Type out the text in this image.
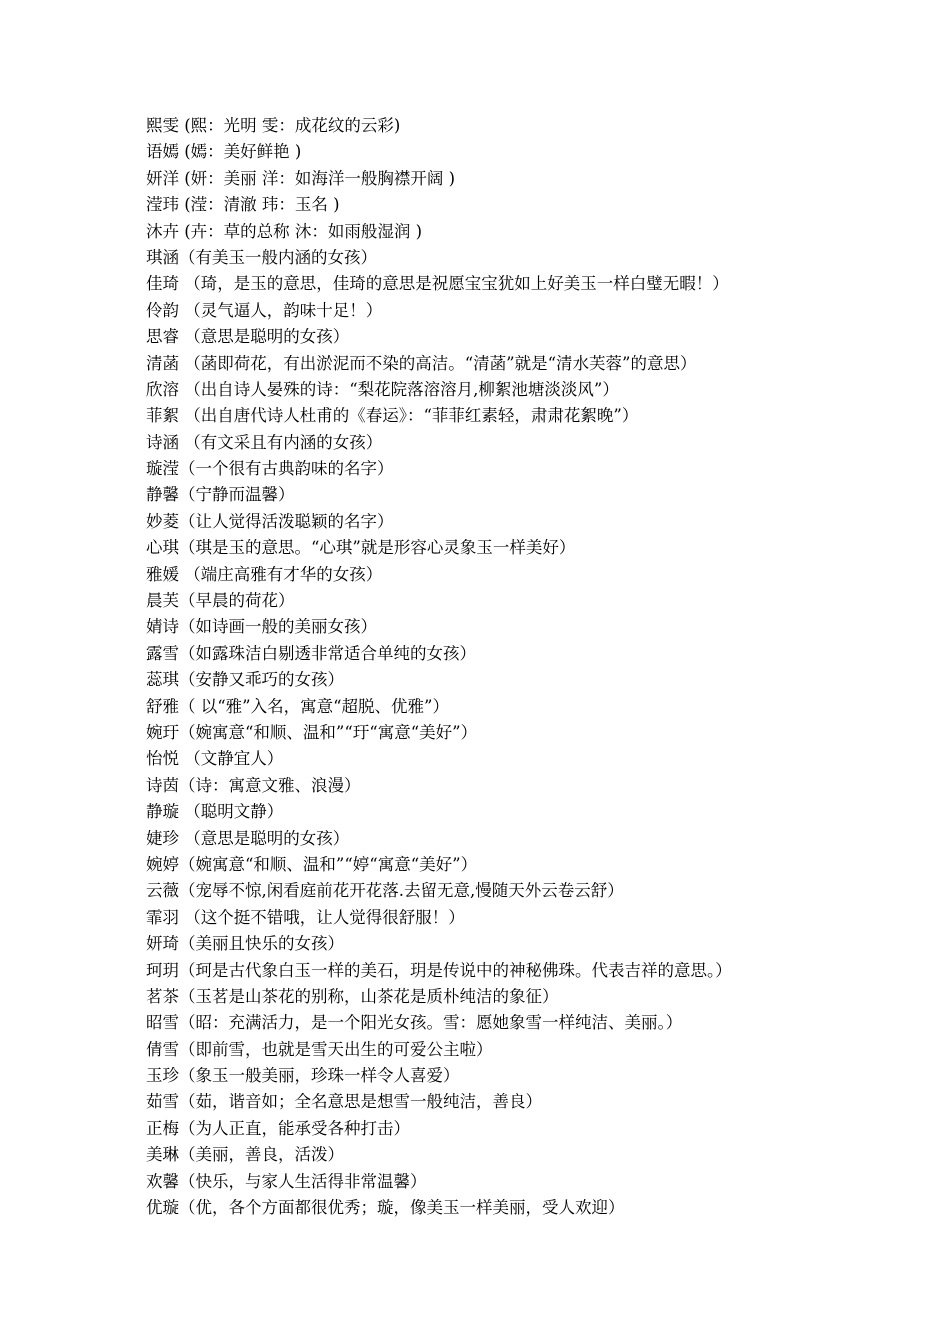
熙雯 (熙：光明 雯：成花纹的云彩)
语嫣 (嫣：美好鲜艳 )
妍洋 (妍：美丽 洋：如海洋一般胸襟开阔 )
滢玮 (滢：清澈 玮：玉名 )
沐卉 (卉：草的总称 沐：如雨般湿润 )
琪涵（有美玉一般内涵的女孩）
佳琦 （琦，是玉的意思，佳琦的意思是祝愿宝宝犹如上好美玉一样白璧无暇！）
伶韵 （灵气逼人，韵味十足！）
思睿 （意思是聪明的女孩）
清菡 （菡即荷花，有出淤泥而不染的高洁。“清菡”就是“清水芙蓉”的意思）
欣溶 （出自诗人晏殊的诗：“梨花院落溶溶月,柳絮池塘淡淡风”）
菲絮 （出自唐代诗人杜甫的《春运》：“菲菲红素轻，肃肃花絮晚”）
诗涵 （有文采且有内涵的女孩）
璇滢（一个很有古典韵味的名字）
静馨（宁静而温馨）
妙菱（让人觉得活泼聪颖的名字）
心琪（琪是玉的意思。“心琪”就是形容心灵象玉一样美好）
雅媛 （端庄高雅有才华的女孩）
晨芙（早晨的荷花）
婧诗（如诗画一般的美丽女孩）
露雪（如露珠洁白剔透非常适合单纯的女孩）
蕊琪（安静又乖巧的女孩）
舒雅（ 以“雅”入名，寓意“超脱、优雅”）
婉玗（婉寓意“和顺、温和”“玗“寓意“美好”）
怡悦 （文静宜人）
诗茵（诗：寓意文雅、浪漫）
静璇 （聪明文静）
婕珍 （意思是聪明的女孩）
婉婷（婉寓意“和顺、温和”“婷“寓意“美好”）
云薇（宠辱不惊,闲看庭前花开花落.去留无意,慢随天外云卷云舒）
霏羽 （这个挺不错哦，让人觉得很舒服！）
妍琦（美丽且快乐的女孩）
珂玥（珂是古代象白玉一样的美石，玥是传说中的神秘佛珠。代表吉祥的意思。）
茗茶（玉茗是山茶花的别称，山茶花是质朴纯洁的象征）
昭雪（昭：充满活力，是一个阳光女孩。雪：愿她象雪一样纯洁、美丽。）
倩雪（即前雪，也就是雪天出生的可爱公主啦）
玉珍（象玉一般美丽，珍珠一样令人喜爱）
茹雪（茹，谐音如；全名意思是想雪一般纯洁，善良）
正梅（为人正直，能承受各种打击）
美琳（美丽，善良，活泼）
欢馨（快乐，与家人生活得非常温馨）
优璇（优，各个方面都很优秀；璇，像美玉一样美丽，受人欢迎）
